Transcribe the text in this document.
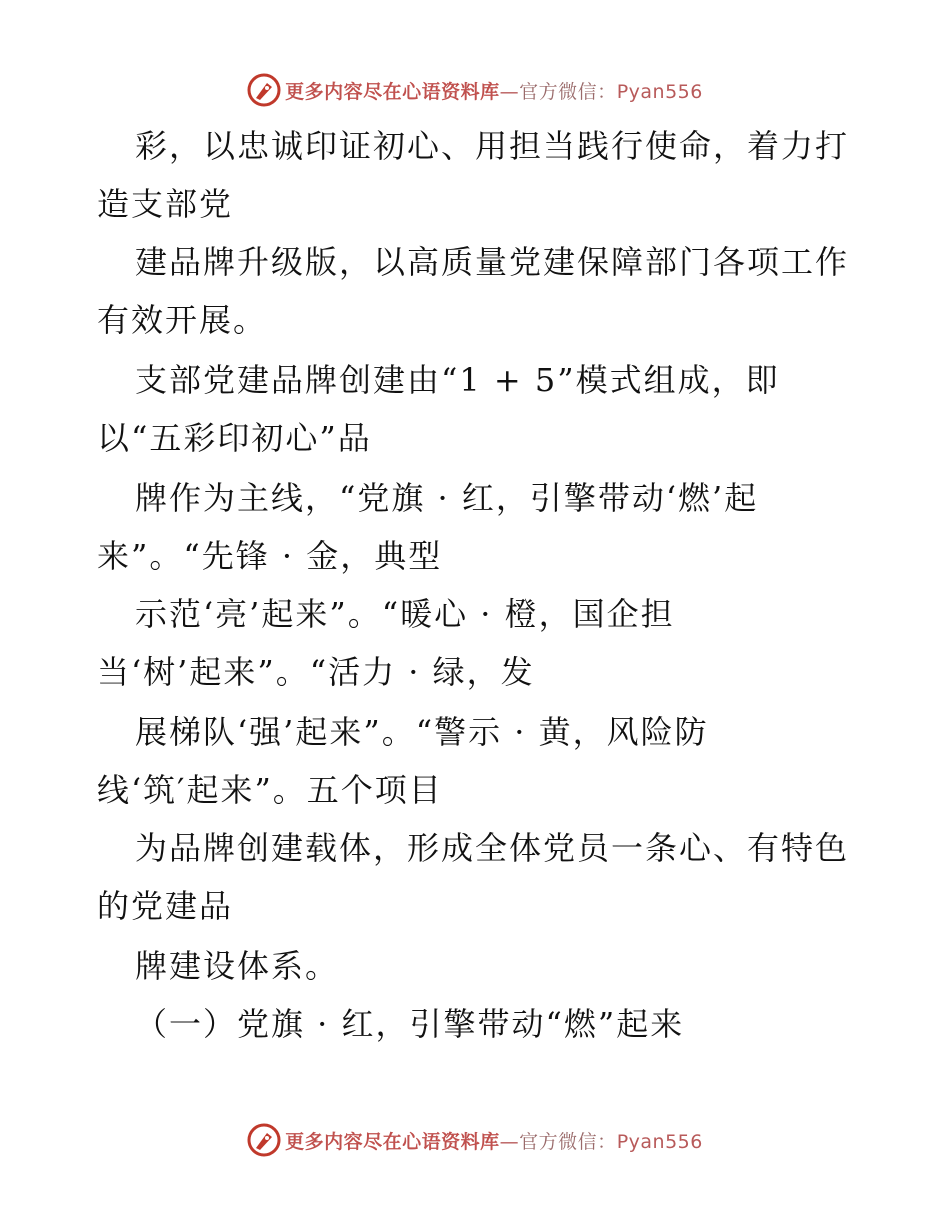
更多内容尽在心语资料库—官方微信：Pyan556
彩，以忠诚印证初心、用担当践行使命，着力打
造支部党
建品牌升级版，以高质量党建保障部门各项工作
有效开展。
支部党建品牌创建由“1 + 5”模式组成，即
以“五彩印初心”品
牌作为主线，“党旗 · 红，引擎带动‘燃’起
来”。“先锋 · 金，典型
示范‘亮’起来”。“暖心 · 橙，国企担
当‘树’起来”。“活力 · 绿，发
展梯队‘强’起来”。“警示 · 黄，风险防
线‘筑′起来”。五个项目
为品牌创建载体，形成全体党员一条心、有特色
的党建品
牌建设体系。
（一）党旗 · 红，引擎带动“燃”起来
更多内容尽在心语资料库—官方微信：Pyan556
